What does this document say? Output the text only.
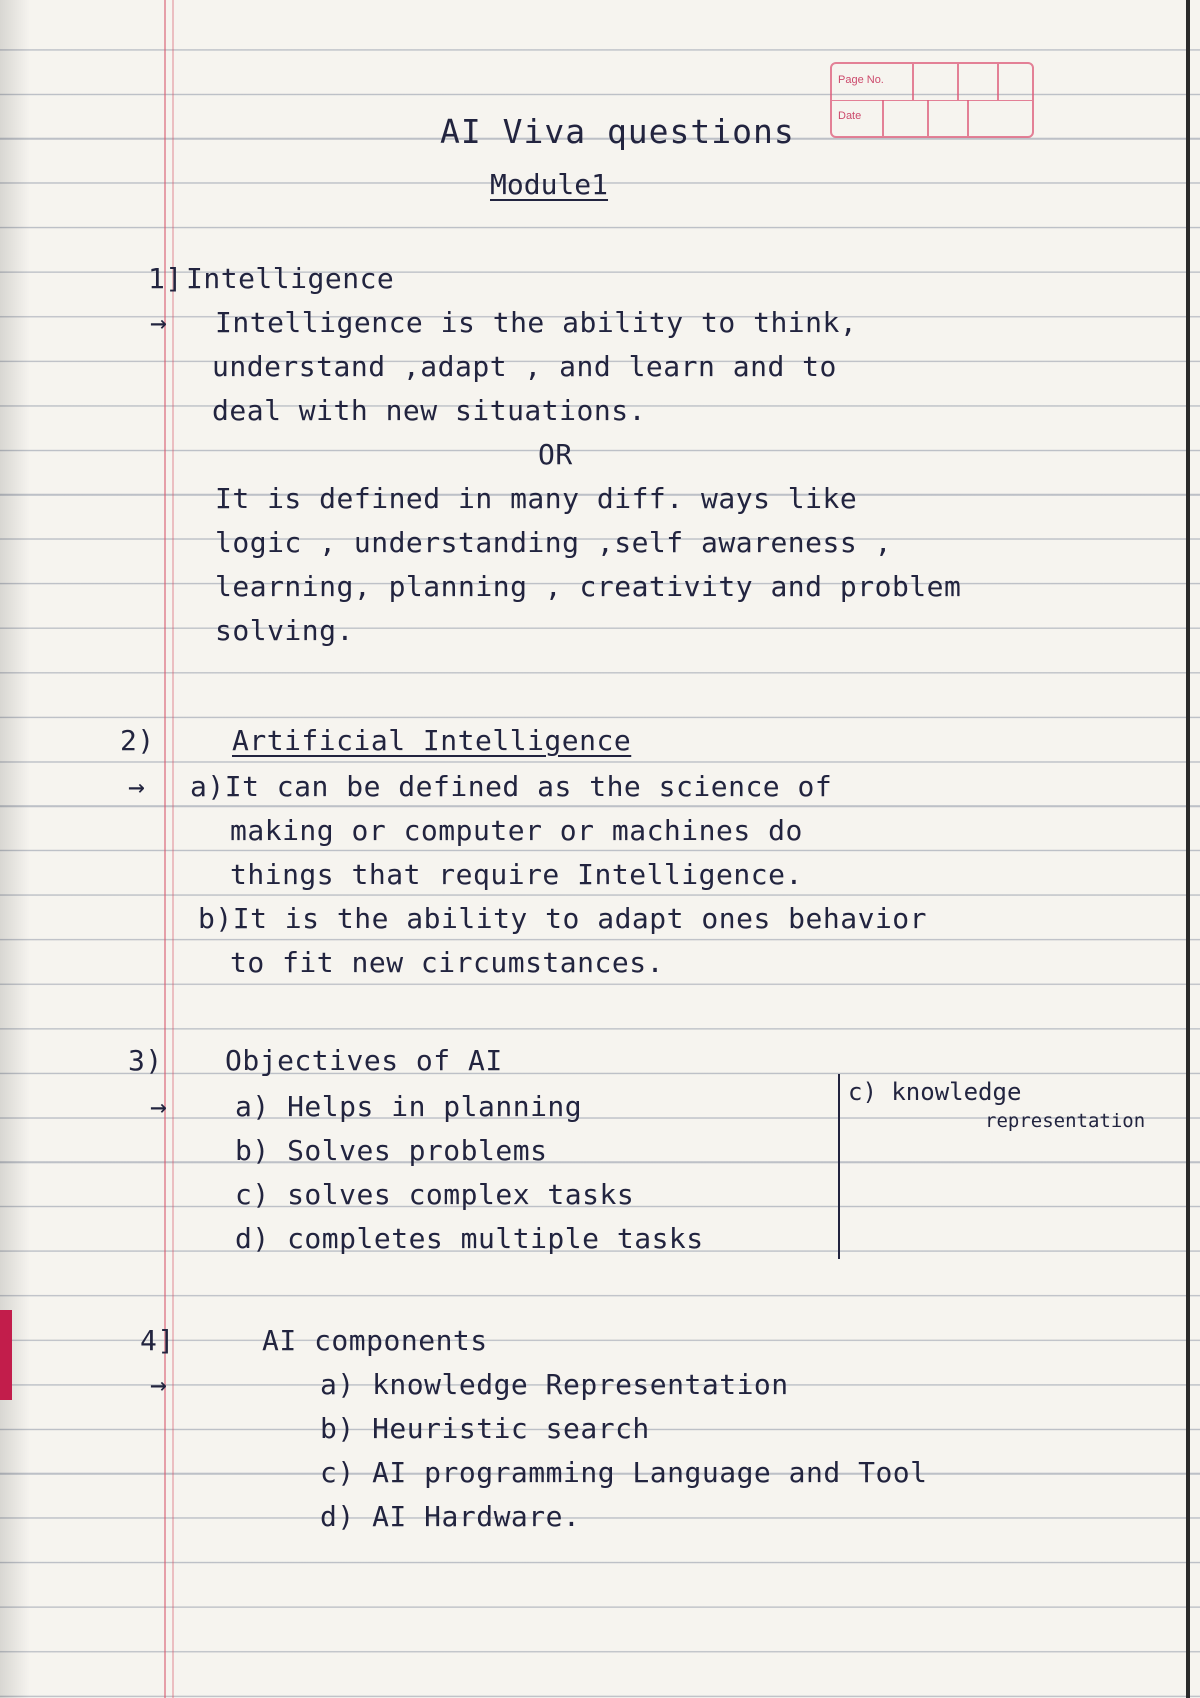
Page No.
Date
AI Viva questions
Module1
1] Intelligence
→ Intelligence is the ability to think,
understand ,adapt , and learn and to
deal with new situations.
OR
It is defined in many diff. ways like
logic , understanding ,self awareness ,
learning, planning , creativity and problem
solving.
2)	Artificial Intelligence
→ a)It can be defined as the science of
making or computer or machines do
things that require Intelligence.
b)It is the ability to adapt ones behavior
to fit new circumstances.
3) Objectives of AI
→ a) Helps in planning
b) Solves problems
c) solves complex tasks
d) completes multiple tasks
c) knowledge
representation
4]	AI components
→	a) knowledge Representation
b) Heuristic search
c) AI programming Language and Tool
d) AI Hardware.
